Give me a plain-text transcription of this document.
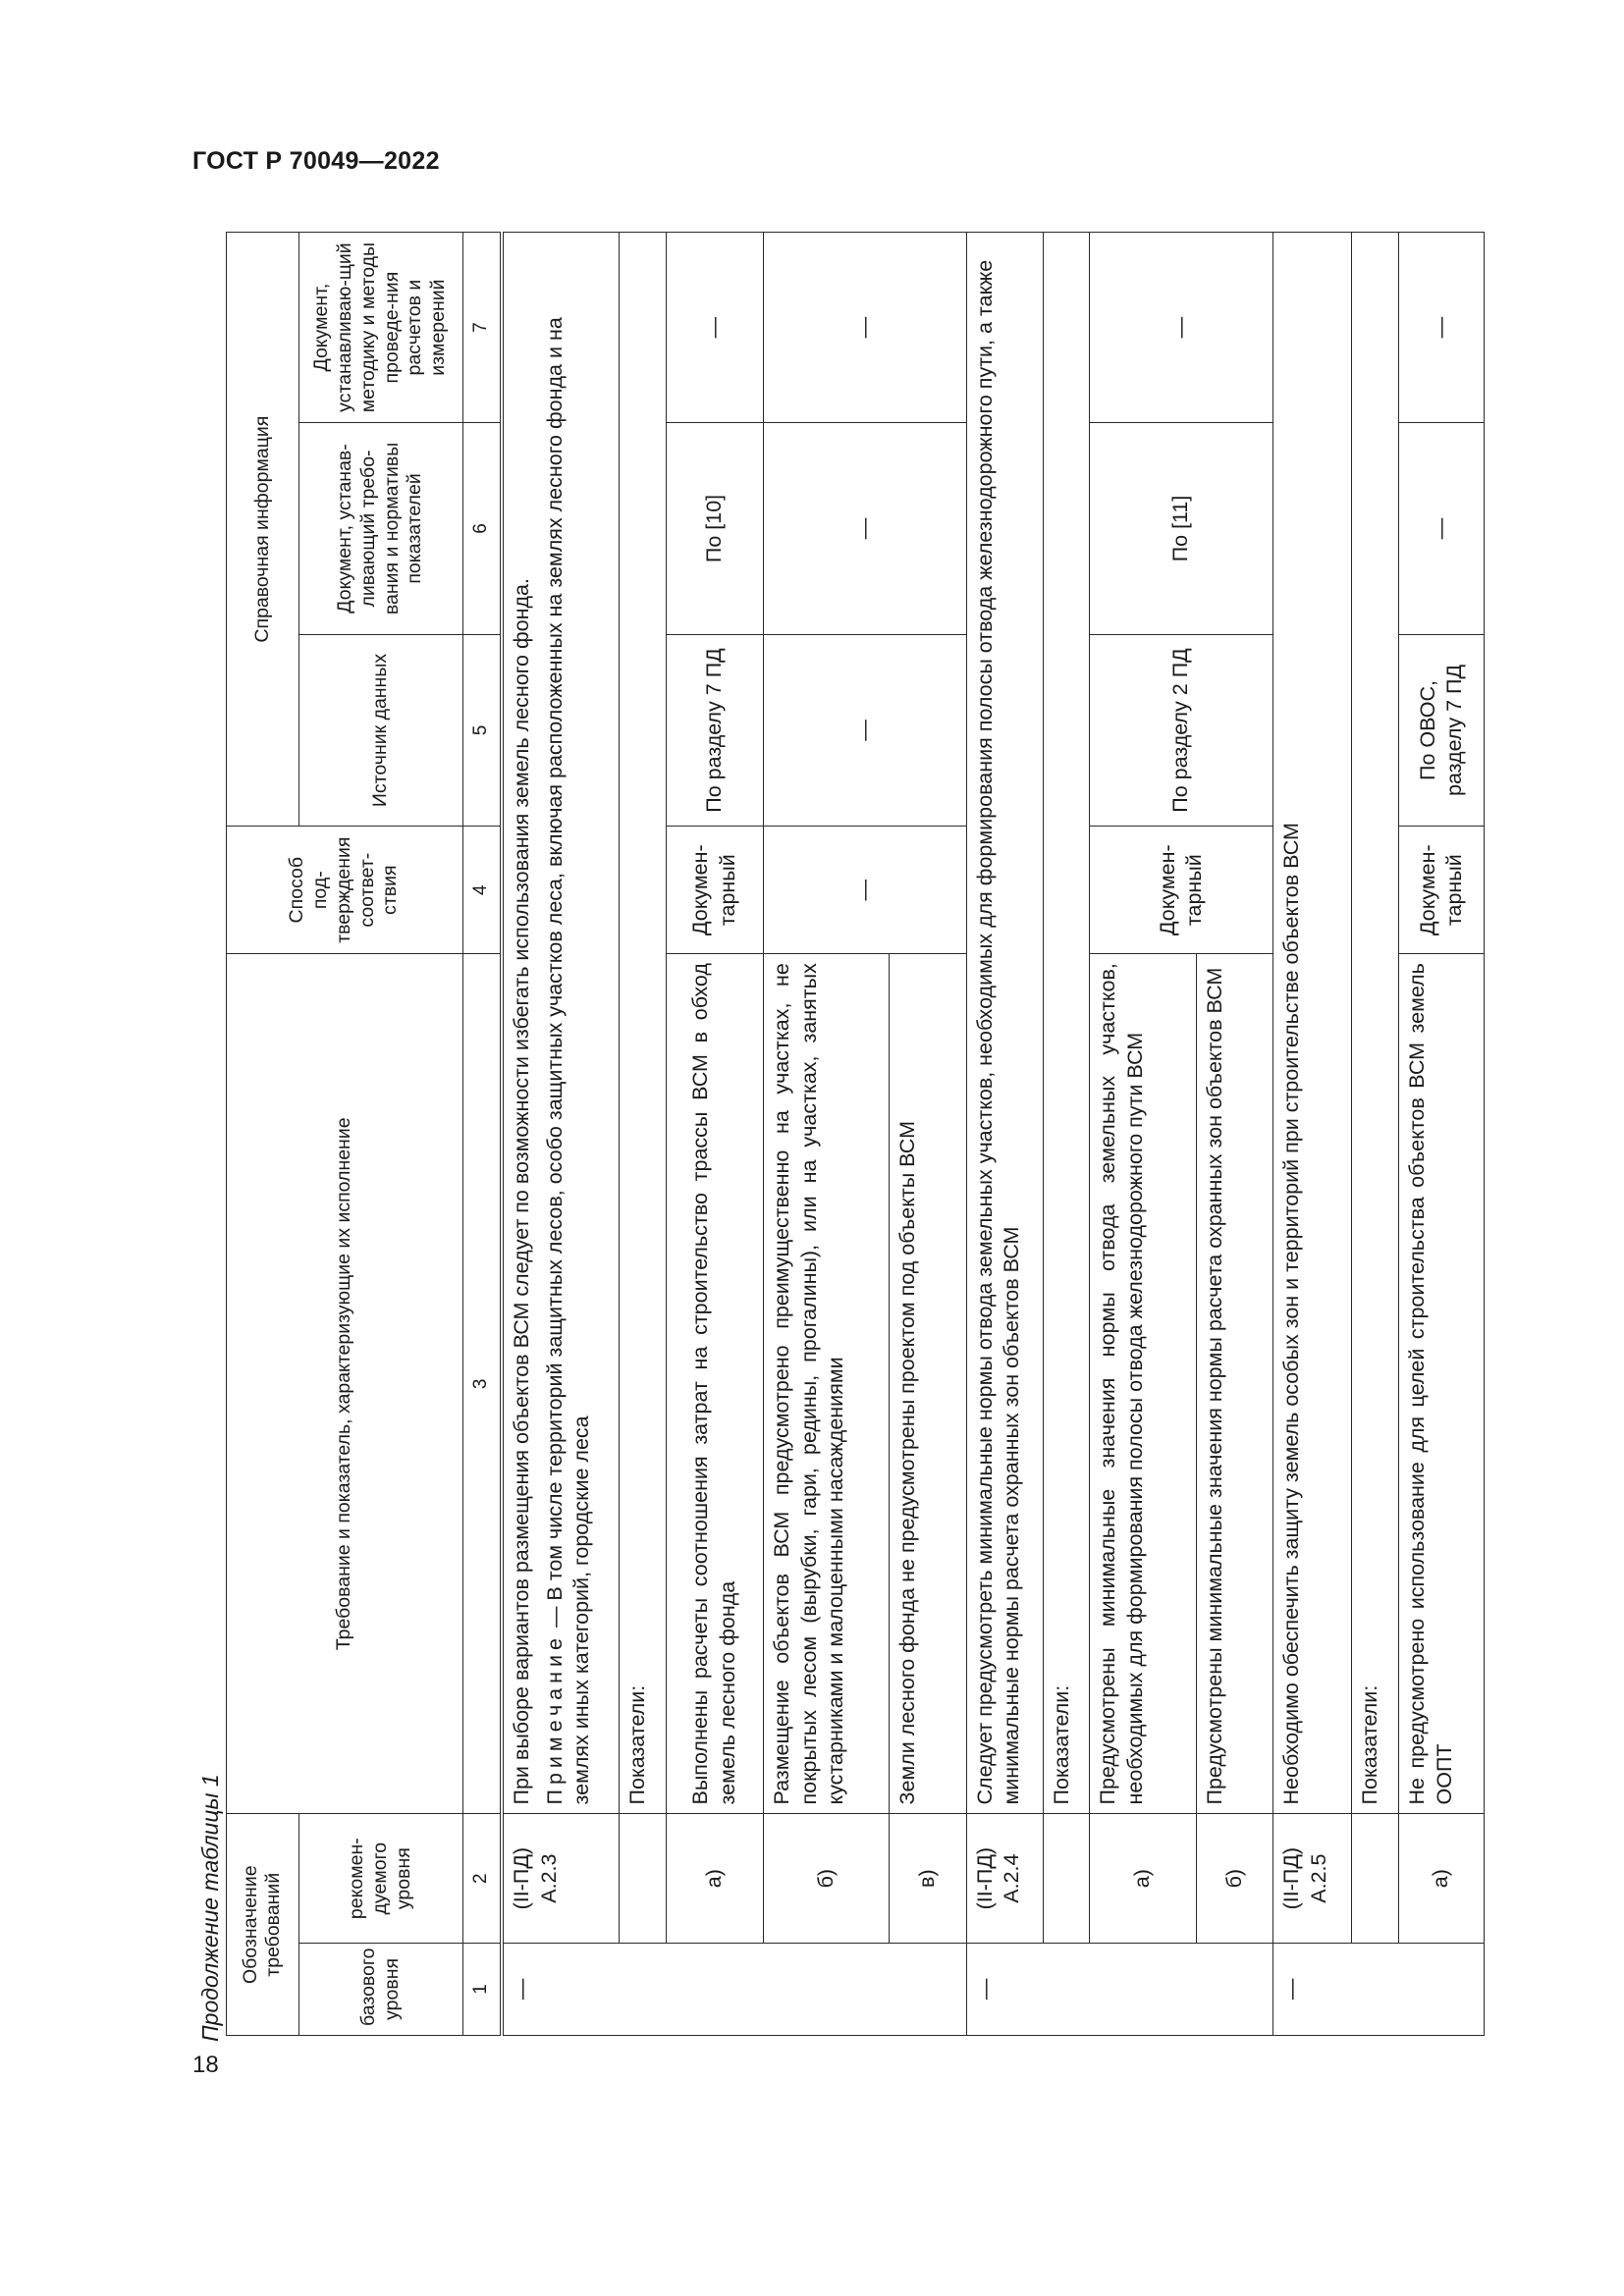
ГОСТ Р 70049—2022
18
Продолжение таблицы 1 Обозначение требований		Требование и показатель, характеризующие их исполнение	Способ под-тверждения соответ-ствия	Справочная информация		
базового уровня	рекомен-дуемого уровня			Источник данных	Документ, устанав-ливающий требо-вания и нормативы показателей	Документ, устанавливаю-щий методику и методы проведе-ния расчетов и измерений
1	2	3	4	5	6	7
—	(II-ПД) А.2.3	При выборе вариантов размещения объектов ВСМ следует по возможности избегать использования земель лесного фонда. Примечание — В том числе территорий защитных лесов, особо защитных участков леса, включая расположенных на землях лесного фонда и на землях иных категорий, городские леса				

		Показатели:				
	а)	Выполнены расчеты соотношения затрат на строительство трассы ВСМ в обход земель лесного фонда	Докумен-тарный	По разделу 7 ПД	По [10]	—
	б)	Размещение объектов ВСМ предусмотрено преимущественно на участках, не покрытых лесом (вырубки, гари, редины, прогалины), или на участках, занятых кустарниками и малоценными насаждениями	—	—	—	—
	в)	Земли лесного фонда не предусмотрены проектом под объекты ВСМ				
—	(II-ПД) А.2.4	Следует предусмотреть минимальные нормы отвода земельных участков, необходимых для формирования полосы отвода железнодорожного пути, а также минимальные нормы расчета охранных зон объектов ВСМ				
		Показатели:				
	а)	Предусмотрены минимальные значения нормы отвода земельных участков, необходимых для формирования полосы отвода железнодорожного пути ВСМ	Докумен-тарный	По разделу 2 ПД	По [11]	—
	б)	Предусмотрены минимальные значения нормы расчета охранных зон объектов ВСМ				
—	(II-ПД) А.2.5	Необходимо обеспечить защиту земель особых зон и территорий при строительстве объектов ВСМ				
		Показатели:				
	а)	Не предусмотрено использование для целей строительства объектов ВСМ земель ООПТ	Докумен-тарный	По ОВОС, разделу 7 ПД	—	—
